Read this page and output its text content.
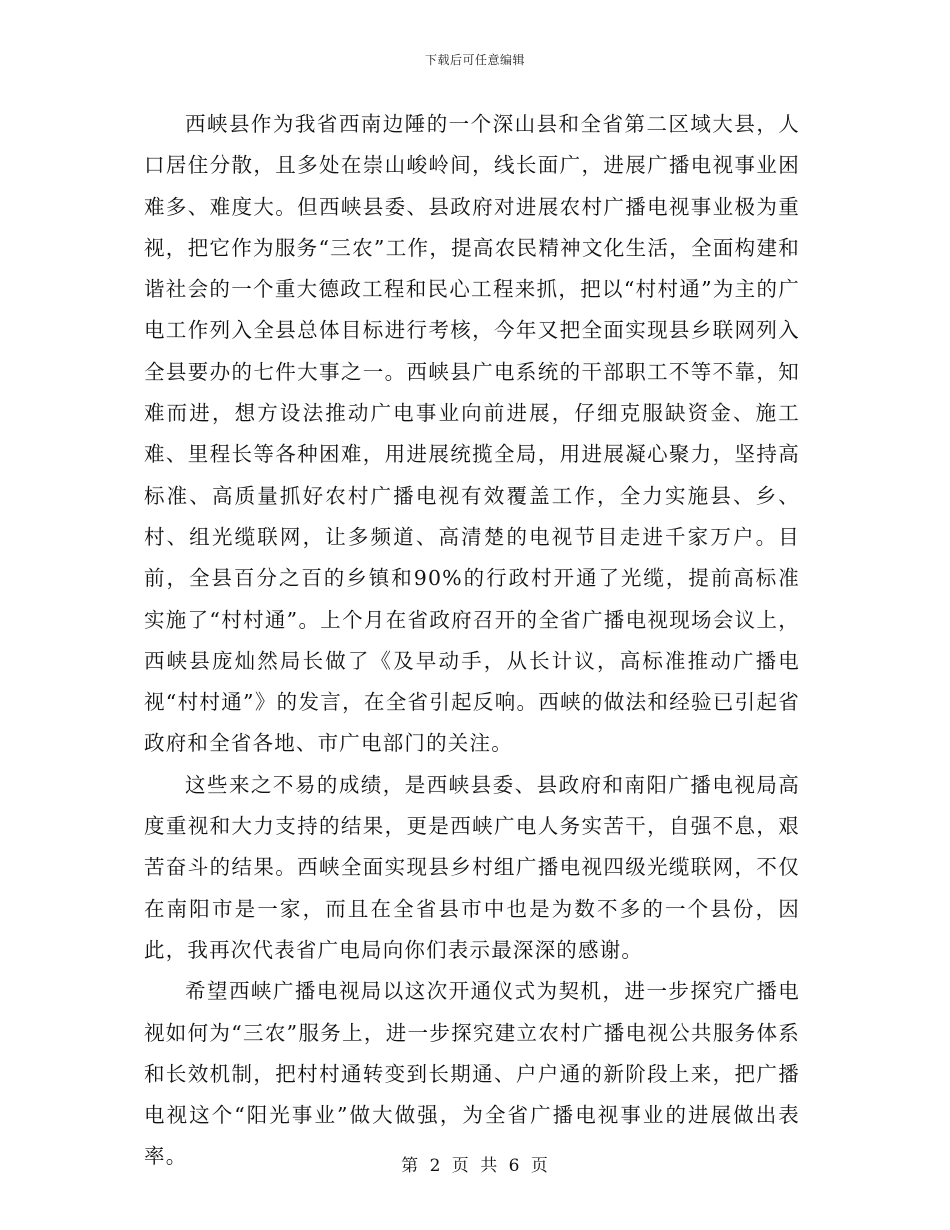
下载后可任意编辑

西峡县作为我省西南边陲的一个深山县和全省第二区域大县，人口居住分散，且多处在崇山峻岭间，线长面广，进展广播电视事业困难多、难度大。但西峡县委、县政府对进展农村广播电视事业极为重视，把它作为服务“三农”工作，提高农民精神文化生活，全面构建和谐社会的一个重大德政工程和民心工程来抓，把以“村村通”为主的广电工作列入全县总体目标进行考核，今年又把全面实现县乡联网列入全县要办的七件大事之一。西峡县广电系统的干部职工不等不靠，知难而进，想方设法推动广电事业向前进展，仔细克服缺资金、施工难、里程长等各种困难，用进展统揽全局，用进展凝心聚力，坚持高标准、高质量抓好农村广播电视有效覆盖工作，全力实施县、乡、村、组光缆联网，让多频道、高清楚的电视节目走进千家万户。目前，全县百分之百的乡镇和90%的行政村开通了光缆，提前高标准实施了“村村通”。上个月在省政府召开的全省广播电视现场会议上，西峡县庞灿然局长做了《及早动手，从长计议，高标准推动广播电视“村村通”》的发言，在全省引起反响。西峡的做法和经验已引起省政府和全省各地、市广电部门的关注。

这些来之不易的成绩，是西峡县委、县政府和南阳广播电视局高度重视和大力支持的结果，更是西峡广电人务实苦干，自强不息，艰苦奋斗的结果。西峡全面实现县乡村组广播电视四级光缆联网，不仅在南阳市是一家，而且在全省县市中也是为数不多的一个县份，因此，我再次代表省广电局向你们表示最深深的感谢。

希望西峡广播电视局以这次开通仪式为契机，进一步探究广播电视如何为“三农”服务上，进一步探究建立农村广播电视公共服务体系和长效机制，把村村通转变到长期通、户户通的新阶段上来，把广播电视这个“阳光事业”做大做强，为全省广播电视事业的进展做出表率。	第 2 页 共 6 页
